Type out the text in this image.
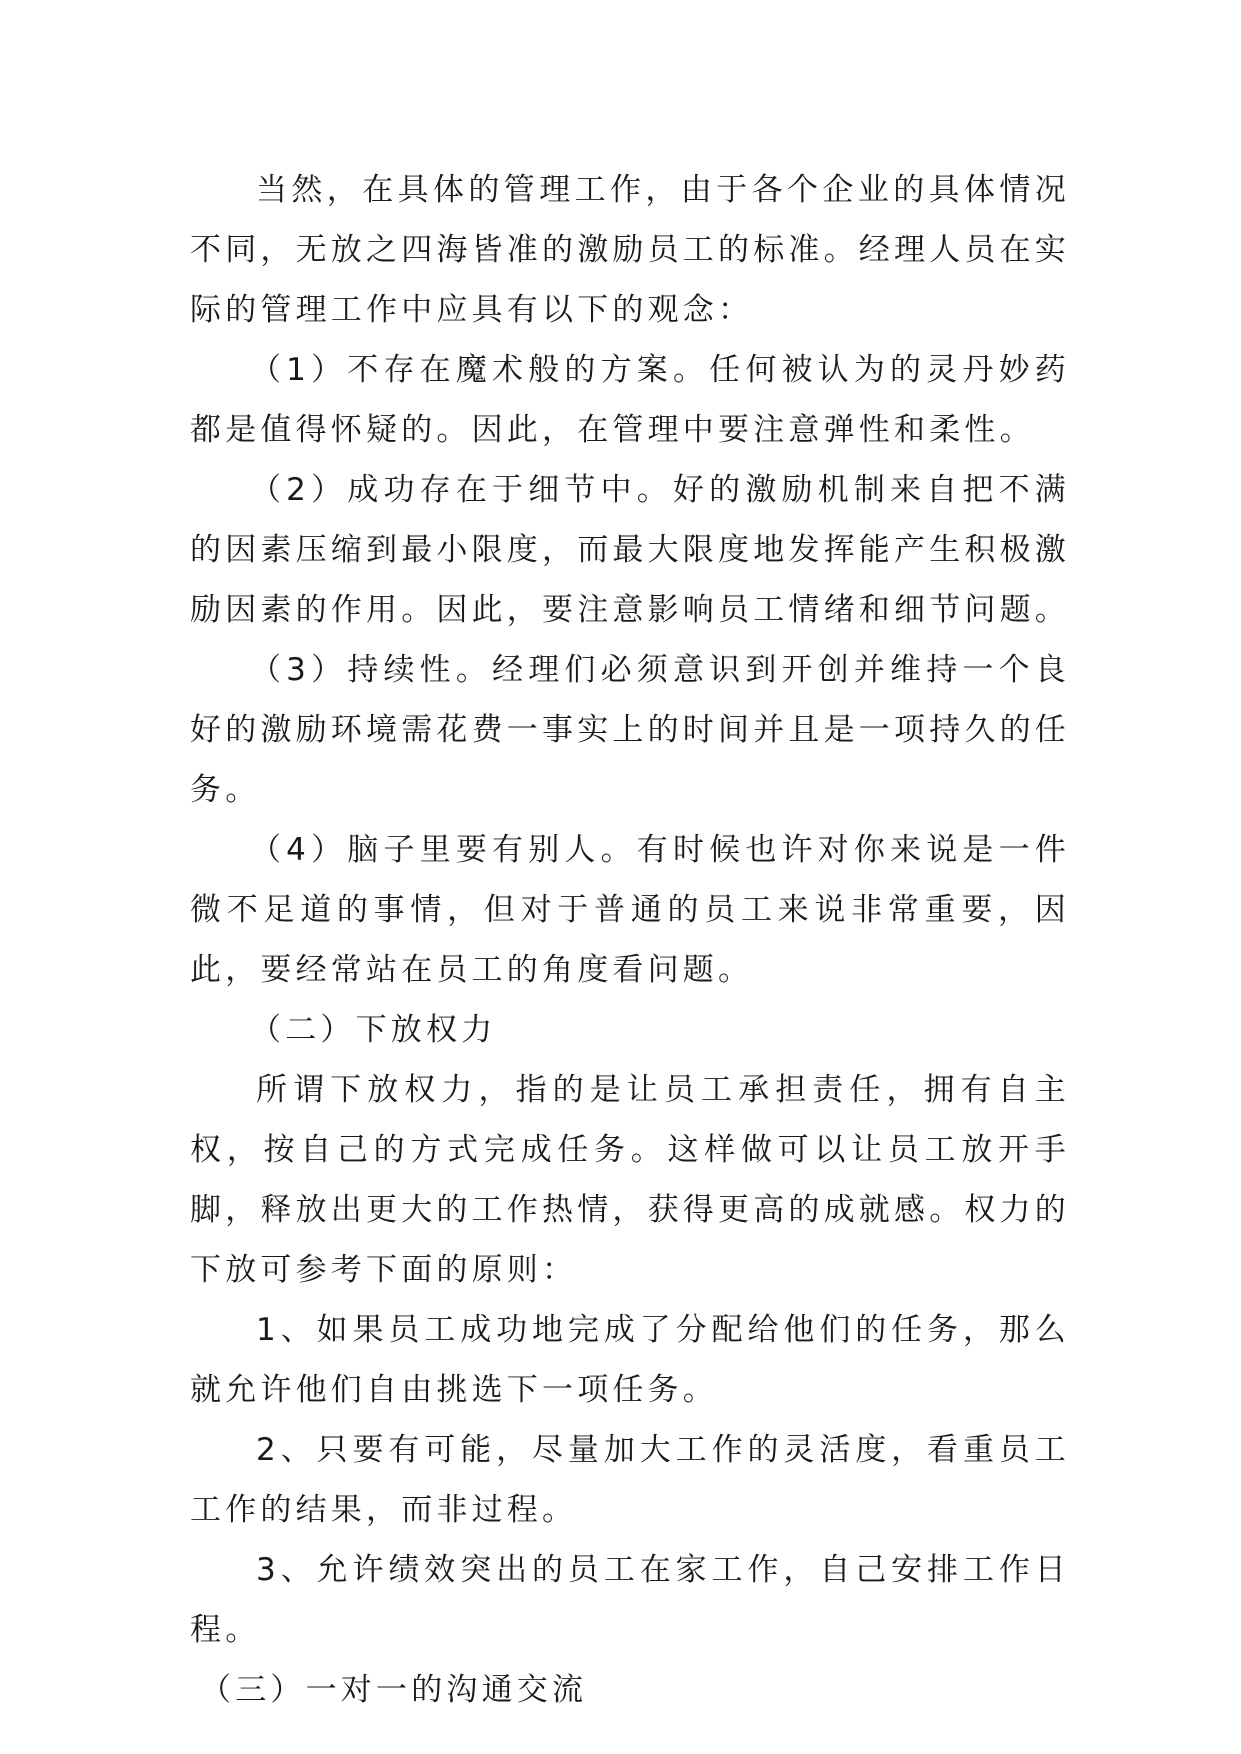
当然，在具体的管理工作，由于各个企业的具体情况不同，无放之四海皆准的激励员工的标准。经理人员在实际的管理工作中应具有以下的观念：

（1）不存在魔术般的方案。任何被认为的灵丹妙药都是值得怀疑的。因此，在管理中要注意弹性和柔性。

（2）成功存在于细节中。好的激励机制来自把不满的因素压缩到最小限度，而最大限度地发挥能产生积极激励因素的作用。因此，要注意影响员工情绪和细节问题。

（3）持续性。经理们必须意识到开创并维持一个良好的激励环境需花费一事实上的时间并且是一项持久的任务。

（4）脑子里要有别人。有时候也许对你来说是一件微不足道的事情，但对于普通的员工来说非常重要，因此，要经常站在员工的角度看问题。

（二）下放权力

所谓下放权力，指的是让员工承担责任，拥有自主权，按自己的方式完成任务。这样做可以让员工放开手脚，释放出更大的工作热情，获得更高的成就感。权力的下放可参考下面的原则：

1、如果员工成功地完成了分配给他们的任务，那么就允许他们自由挑选下一项任务。

2、只要有可能，尽量加大工作的灵活度，看重员工工作的结果，而非过程。

3、允许绩效突出的员工在家工作，自己安排工作日程。

（三）一对一的沟通交流
